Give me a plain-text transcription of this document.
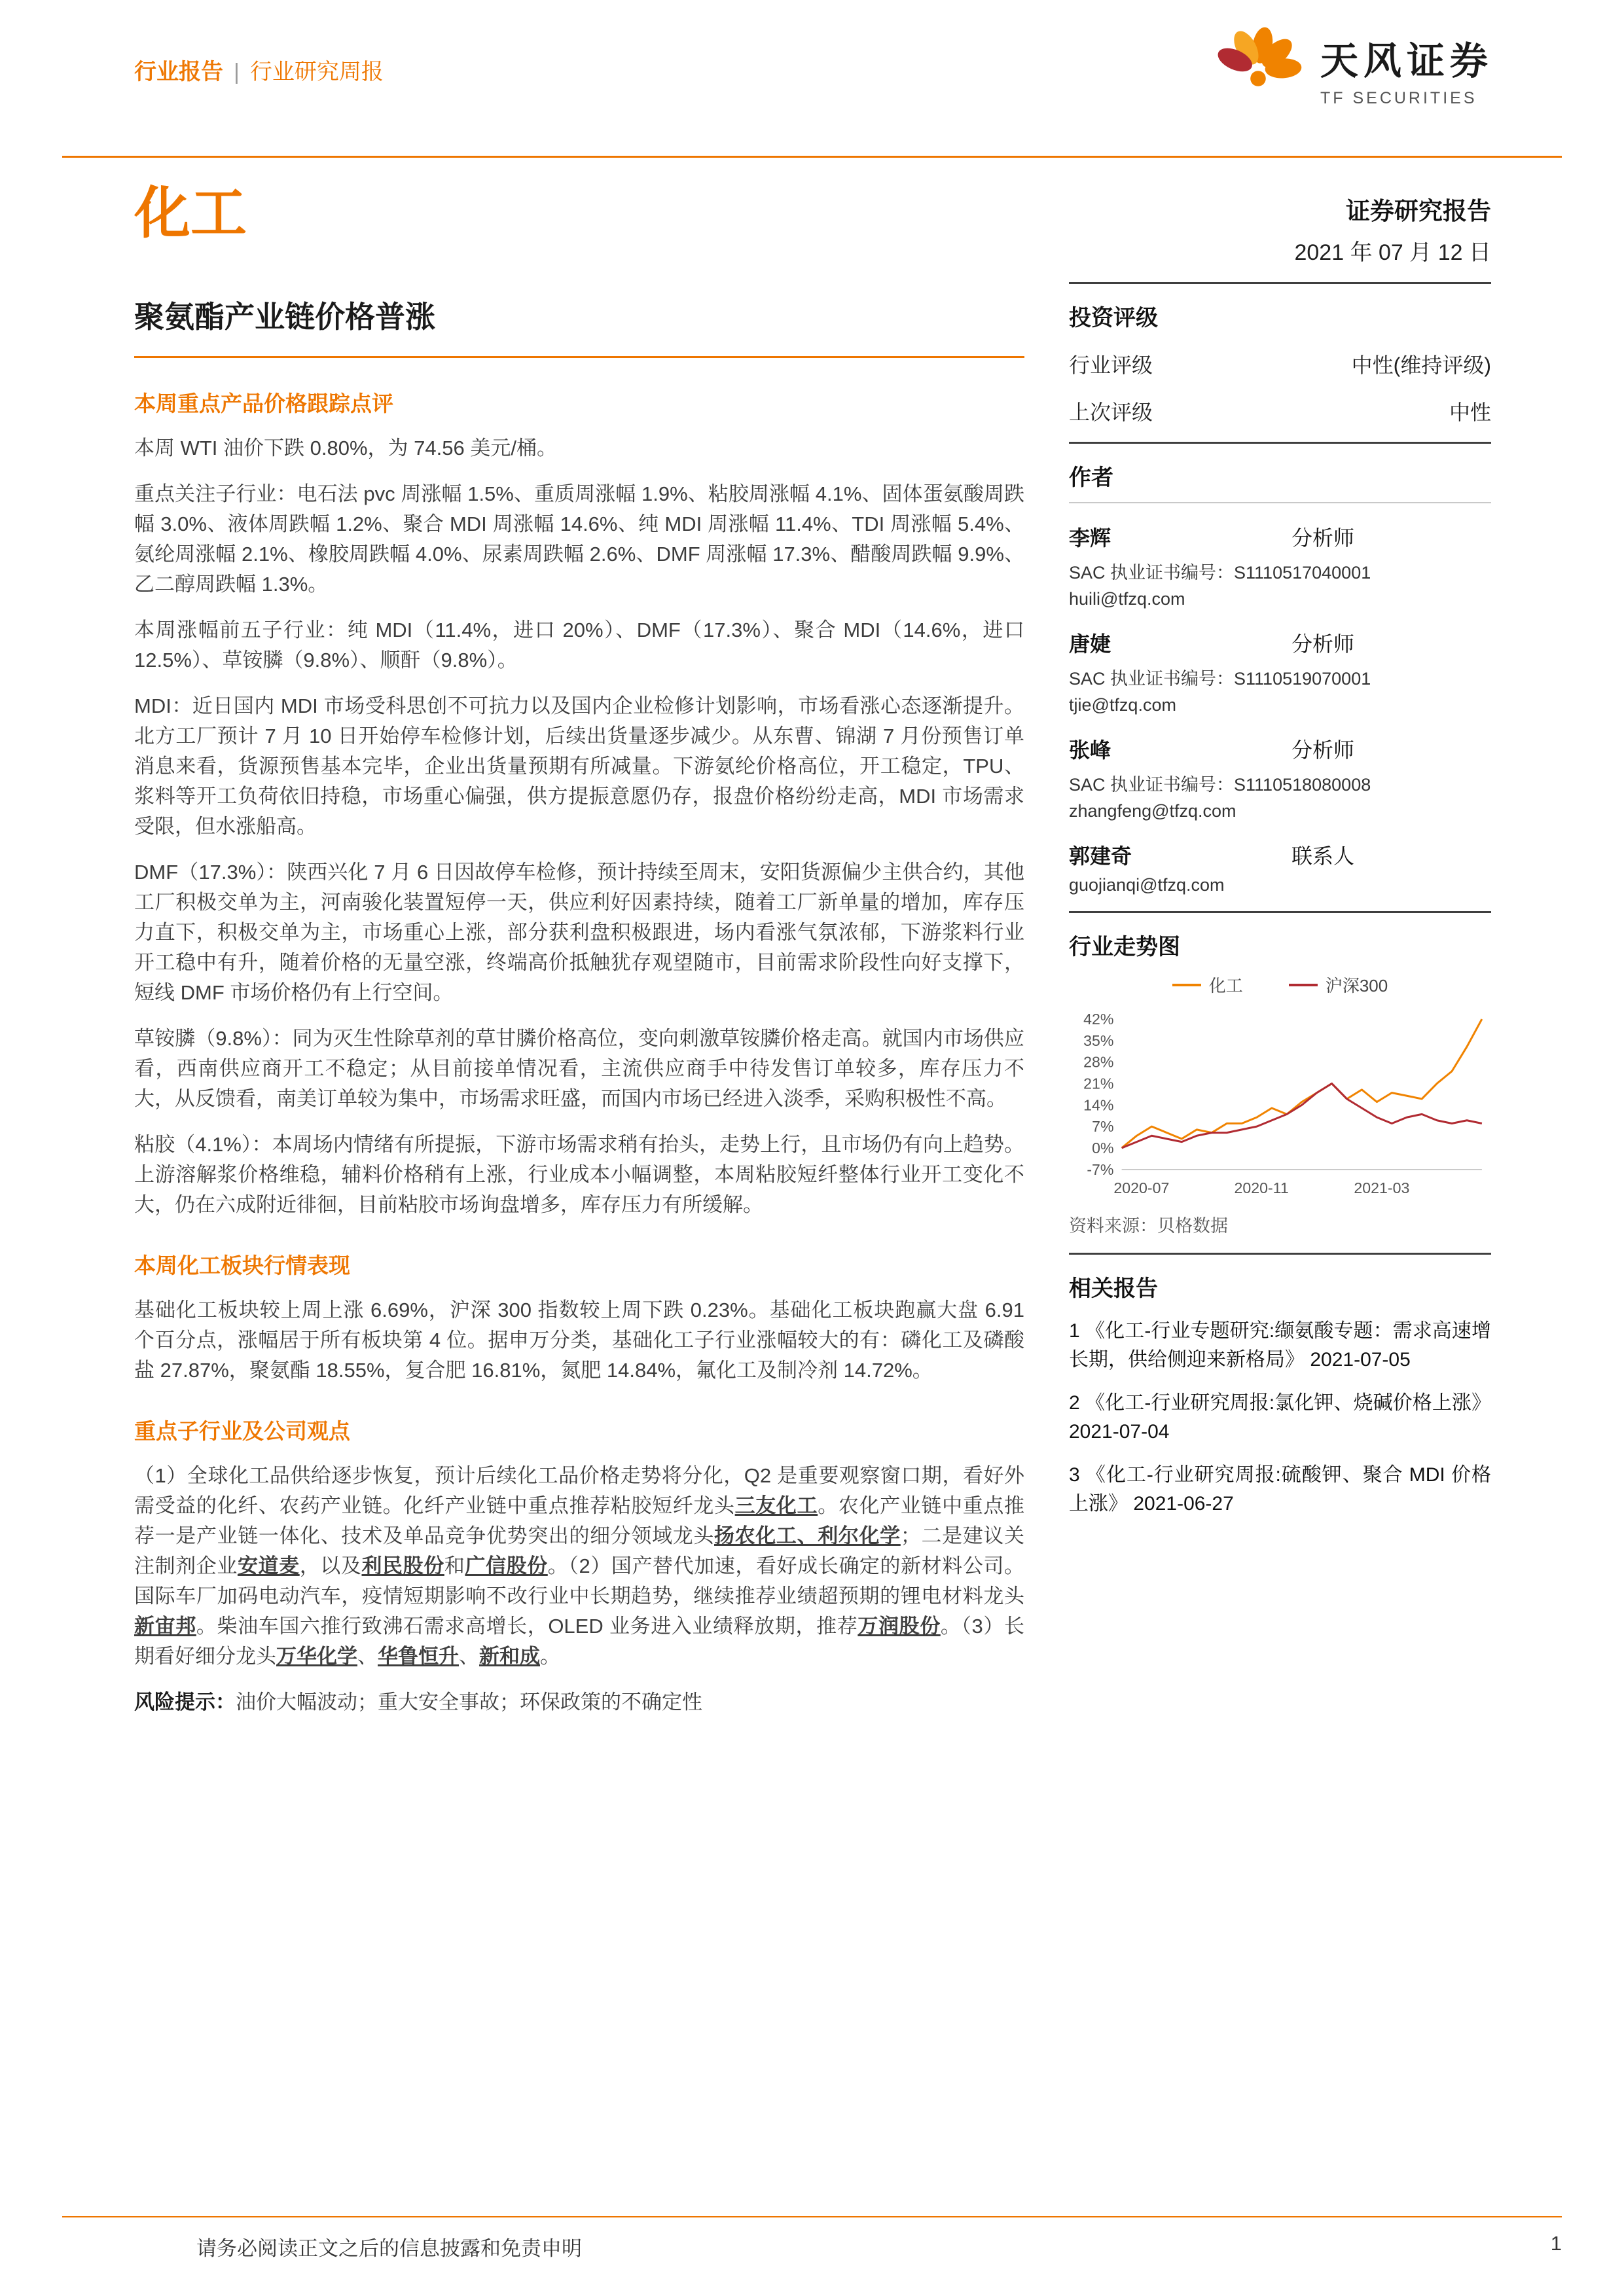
行业报告 | 行业研究周报	天风证券
TF SECURITIES
化工
聚氨酯产业链价格普涨
本周重点产品价格跟踪点评

本周 WTI 油价下跌 0.80%，为 74.56 美元/桶。

重点关注子行业：电石法 pvc 周涨幅 1.5%、重质周涨幅 1.9%、粘胶周涨幅 4.1%、固体蛋氨酸周跌幅 3.0%、液体周跌幅 1.2%、聚合 MDI 周涨幅 14.6%、纯 MDI 周涨幅 11.4%、TDI 周涨幅 5.4%、氨纶周涨幅 2.1%、橡胶周跌幅 4.0%、尿素周跌幅 2.6%、DMF 周涨幅 17.3%、醋酸周跌幅 9.9%、乙二醇周跌幅 1.3%。

本周涨幅前五子行业：纯 MDI（11.4%，进口 20%）、DMF（17.3%）、聚合 MDI（14.6%，进口 12.5%）、草铵膦（9.8%）、顺酐（9.8%）。

MDI：近日国内 MDI 市场受科思创不可抗力以及国内企业检修计划影响，市场看涨心态逐渐提升。北方工厂预计 7 月 10 日开始停车检修计划，后续出货量逐步减少。从东曹、锦湖 7 月份预售订单消息来看，货源预售基本完毕，企业出货量预期有所减量。下游氨纶价格高位，开工稳定，TPU、浆料等开工负荷依旧持稳，市场重心偏强，供方提振意愿仍存，报盘价格纷纷走高，MDI 市场需求受限，但水涨船高。

DMF（17.3%）：陕西兴化 7 月 6 日因故停车检修，预计持续至周末，安阳货源偏少主供合约，其他工厂积极交单为主，河南骏化装置短停一天，供应利好因素持续，随着工厂新单量的增加，库存压力直下，积极交单为主，市场重心上涨，部分获利盘积极跟进，场内看涨气氛浓郁，下游浆料行业开工稳中有升，随着价格的无量空涨，终端高价抵触犹存观望随市，目前需求阶段性向好支撑下，短线 DMF 市场价格仍有上行空间。

草铵膦（9.8%）：同为灭生性除草剂的草甘膦价格高位，变向刺激草铵膦价格走高。就国内市场供应看，西南供应商开工不稳定；从目前接单情况看，主流供应商手中待发售订单较多，库存压力不大，从反馈看，南美订单较为集中，市场需求旺盛，而国内市场已经进入淡季，采购积极性不高。

粘胶（4.1%）：本周场内情绪有所提振，下游市场需求稍有抬头，走势上行，且市场仍有向上趋势。上游溶解浆价格维稳，辅料价格稍有上涨，行业成本小幅调整，本周粘胶短纤整体行业开工变化不大，仍在六成附近徘徊，目前粘胶市场询盘增多，库存压力有所缓解。

本周化工板块行情表现

基础化工板块较上周上涨 6.69%，沪深 300 指数较上周下跌 0.23%。基础化工板块跑赢大盘 6.91 个百分点，涨幅居于所有板块第 4 位。据申万分类，基础化工子行业涨幅较大的有：磷化工及磷酸盐 27.87%，聚氨酯 18.55%，复合肥 16.81%，氮肥 14.84%，氟化工及制冷剂 14.72%。

重点子行业及公司观点

（1）全球化工品供给逐步恢复，预计后续化工品价格走势将分化，Q2 是重要观察窗口期，看好外需受益的化纤、农药产业链。化纤产业链中重点推荐粘胶短纤龙头三友化工。农化产业链中重点推荐一是产业链一体化、技术及单品竞争优势突出的细分领域龙头扬农化工、利尔化学；二是建议关注制剂企业安道麦，以及利民股份和广信股份。（2）国产替代加速，看好成长确定的新材料公司。国际车厂加码电动汽车，疫情短期影响不改行业中长期趋势，继续推荐业绩超预期的锂电材料龙头新宙邦。柴油车国六推行致沸石需求高增长，OLED 业务进入业绩释放期，推荐万润股份。（3）长期看好细分龙头万华化学、华鲁恒升、新和成。

风险提示：油价大幅波动；重大安全事故；环保政策的不确定性

证券研究报告
2021 年 07 月 12 日
投资评级
行业评级	中性(维持评级)
上次评级	中性
作者
李辉	分析师
SAC 执业证书编号：S1110517040001
huili@tfzq.com
唐婕	分析师
SAC 执业证书编号：S1110519070001
tjie@tfzq.com
张峰	分析师
SAC 执业证书编号：S1110518080008
zhangfeng@tfzq.com
郭建奇	联系人
guojianqi@tfzq.com
行业走势图
化工	沪深300
42%
35%
28%
21%
14%
7%
0%
-7%
2020-07	2020-11	2021-03
资料来源：贝格数据
相关报告
1 《化工-行业专题研究:缬氨酸专题：需求高速增长期，供给侧迎来新格局》 2021-07-05
2 《化工-行业研究周报:氯化钾、烧碱价格上涨》 2021-07-04
3 《化工-行业研究周报:硫酸钾、聚合 MDI 价格上涨》 2021-06-27
请务必阅读正文之后的信息披露和免责申明	1
